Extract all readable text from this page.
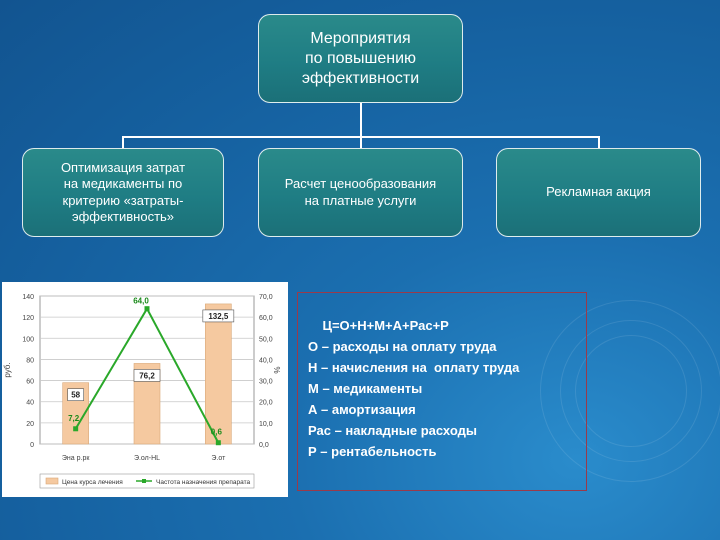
Мероприятия
по повышению
эффективности
Оптимизация затрат
на медикаменты по
критерию «затраты-
эффективность»
Расчет ценообразования
на платные услуги
Рекламная акция
0
20
40
60
80
100
120
140
0,0
10,0
20,0
30,0
40,0
50,0
60,0
70,0
руб.	%
58
76,2
132,5
Эна р.рк	Э.ол-НL	Э.от
7,2
64,0
0,6
Цена курса лечения	Частота назначения препарата
Ц=О+Н+М+А+Рас+Р
О – расходы на оплату труда
Н – начисления на  оплату труда
М – медикаменты
А – амортизация
Рас – накладные расходы
Р – рентабельность
